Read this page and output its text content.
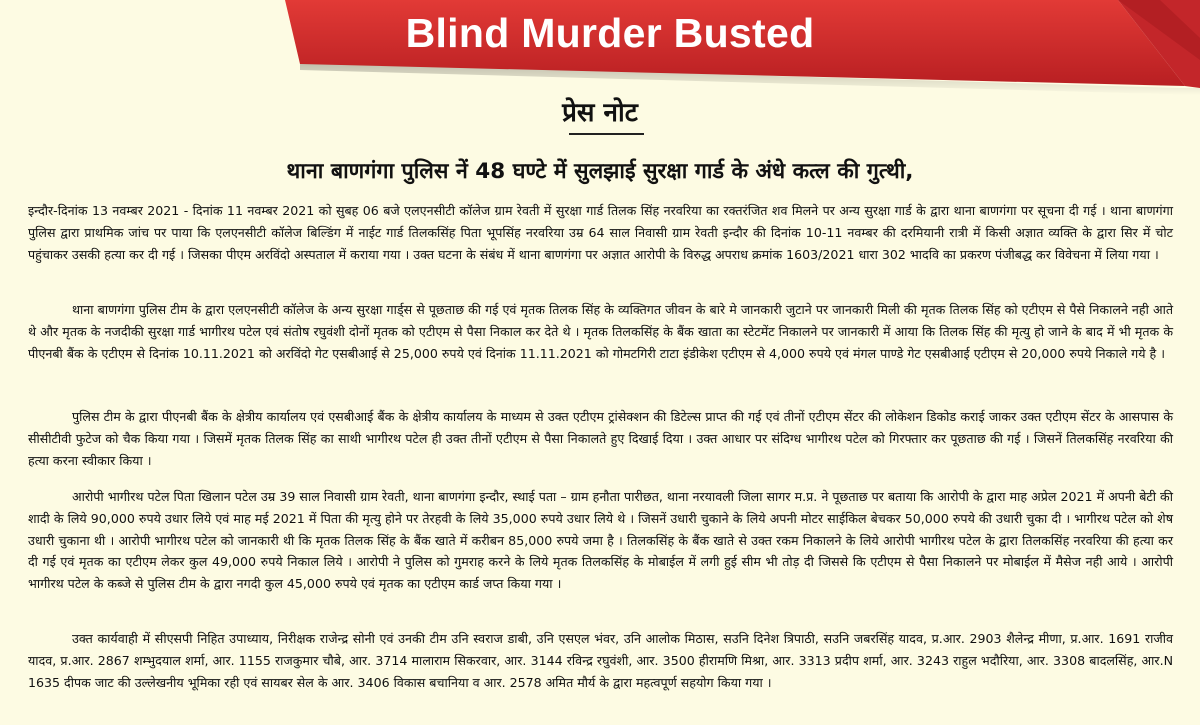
Blind Murder Busted
प्रेस नोट
थाना बाणगंगा पुलिस नें 48 घण्टे में सुलझाई सुरक्षा गार्ड के अंधे कत्ल की गुत्थी,

इन्दौर-दिनांक 13 नवम्बर 2021 - दिनांक 11 नवम्बर 2021 को सुबह 06 बजे एलएनसीटी कॉलेज ग्राम रेवती में सुरक्षा गार्ड तिलक सिंह नरवरिया का रक्तरंजित शव मिलने पर अन्य सुरक्षा गार्ड के द्वारा थाना बाणगंगा पर सूचना दी गई । थाना बाणगंगा पुलिस द्वारा प्राथमिक जांच पर पाया कि एलएनसीटी कॉलेज बिल्डिंग में नाईट गार्ड तिलकसिंह पिता भूपसिंह नरवरिया उम्र 64 साल निवासी ग्राम रेवती इन्दौर की दिनांक 10-11 नवम्बर की दरमियानी रात्री में किसी अज्ञात व्यक्ति के द्वारा सिर में चोट पहुंचाकर उसकी हत्या कर दी गई । जिसका पीएम अरविंदो अस्पताल में कराया गया । उक्त घटना के संबंध में थाना बाणगंगा पर अज्ञात आरोपी के विरुद्ध अपराध क्रमांक 1603/2021 धारा 302 भादवि का प्रकरण पंजीबद्ध कर विवेचना में लिया गया ।

थाना बाणगंगा पुलिस टीम के द्वारा एलएनसीटी कॉलेज के अन्य सुरक्षा गार्ड्स से पूछताछ की गई एवं मृतक तिलक सिंह के व्यक्तिगत जीवन के बारे मे जानकारी जुटाने पर जानकारी मिली की मृतक तिलक सिंह को एटीएम से पैसे निकालने नही आते थे और मृतक के नजदीकी सुरक्षा गार्ड भागीरथ पटेल एवं संतोष रघुवंशी दोनों मृतक को एटीएम से पैसा निकाल कर देते थे । मृतक तिलकसिंह के बैंक खाता का स्टेटमेंट निकालने पर जानकारी में आया कि तिलक सिंह की मृत्यु हो जाने के बाद में भी मृतक के पीएनबी बैंक के एटीएम से दिनांक 10.11.2021 को अरविंदो गेट एसबीआई से 25,000 रुपये एवं दिनांक 11.11.2021 को गोमटगिरी टाटा इंडीकेश एटीएम से 4,000 रुपये एवं मंगल पाण्डे गेट एसबीआई एटीएम से 20,000 रुपये निकाले गये है ।

पुलिस टीम के द्वारा पीएनबी बैंक के क्षेत्रीय कार्यालय एवं एसबीआई बैंक के क्षेत्रीय कार्यालय के माध्यम से उक्त एटीएम ट्रांसेक्शन की डिटेल्स प्राप्त की गई एवं तीनों एटीएम सेंटर की लोकेशन डिकोड कराई जाकर उक्त एटीएम सेंटर के आसपास के सीसीटीवी फुटेज को चैक किया गया । जिसमें मृतक तिलक सिंह का साथी भागीरथ पटेल ही उक्त तीनों एटीएम से पैसा निकालते हुए दिखाई दिया । उक्त आधार पर संदिग्ध भागीरथ पटेल को गिरफ्तार कर पूछताछ की गई । जिसनें तिलकसिंह नरवरिया की हत्या करना स्वीकार किया ।

आरोपी भागीरथ पटेल पिता खिलान पटेल उम्र 39 साल निवासी ग्राम रेवती, थाना बाणगंगा इन्दौर, स्थाई पता – ग्राम हनौता पारीछत, थाना नरयावली जिला सागर म.प्र. ने पूछताछ पर बताया कि आरोपी के द्वारा माह अप्रेल 2021 में अपनी बेटी की शादी के लिये 90,000 रुपये उधार लिये एवं माह मई 2021 में पिता की मृत्यु होने पर तेरहवी के लिये 35,000 रुपये उधार लिये थे । जिसनें उधारी चुकाने के लिये अपनी मोटर साईकिल बेचकर 50,000 रुपये की उधारी चुका दी । भागीरथ पटेल को शेष उधारी चुकाना थी । आरोपी भागीरथ पटेल को जानकारी थी कि मृतक तिलक सिंह के बैंक खाते में करीबन 85,000 रुपये जमा है । तिलकसिंह के बैंक खाते से उक्त रकम निकालने के लिये आरोपी भागीरथ पटेल के द्वारा तिलकसिंह नरवरिया की हत्या कर दी गई एवं मृतक का एटीएम लेकर कुल 49,000 रुपये निकाल लिये । आरोपी ने पुलिस को गुमराह करने के लिये मृतक तिलकसिंह के मोबाईल में लगी हुई सीम भी तोड़ दी जिससे कि एटीएम से पैसा निकालने पर मोबाईल में मैसेज नही आये । आरोपी भागीरथ पटेल के कब्जे से पुलिस टीम के द्वारा नगदी कुल 45,000 रुपये एवं मृतक का एटीएम कार्ड जप्त किया गया ।

उक्त कार्यवाही में सीएसपी निहित उपाध्याय, निरीक्षक राजेन्द्र सोनी एवं उनकी टीम उनि स्वराज डाबी, उनि एसएल भंवर, उनि आलोक मिठास, सउनि दिनेश त्रिपाठी, सउनि जबरसिंह यादव, प्र.आर. 2903 शैलेन्द्र मीणा, प्र.आर. 1691 राजीव यादव, प्र.आर. 2867 शम्भुदयाल शर्मा, आर. 1155 राजकुमार चौबे, आर. 3714 मालाराम सिकरवार, आर. 3144 रविन्द्र रघुवंशी, आर. 3500 हीरामणि मिश्रा, आर. 3313 प्रदीप शर्मा, आर. 3243 राहुल भदौरिया, आर. 3308 बादलसिंह, आर.N 1635 दीपक जाट की उल्लेखनीय भूमिका रही एवं सायबर सेल के आर. 3406 विकास बचानिया व आर. 2578 अमित मौर्य के द्वारा महत्वपूर्ण सहयोग किया गया ।
